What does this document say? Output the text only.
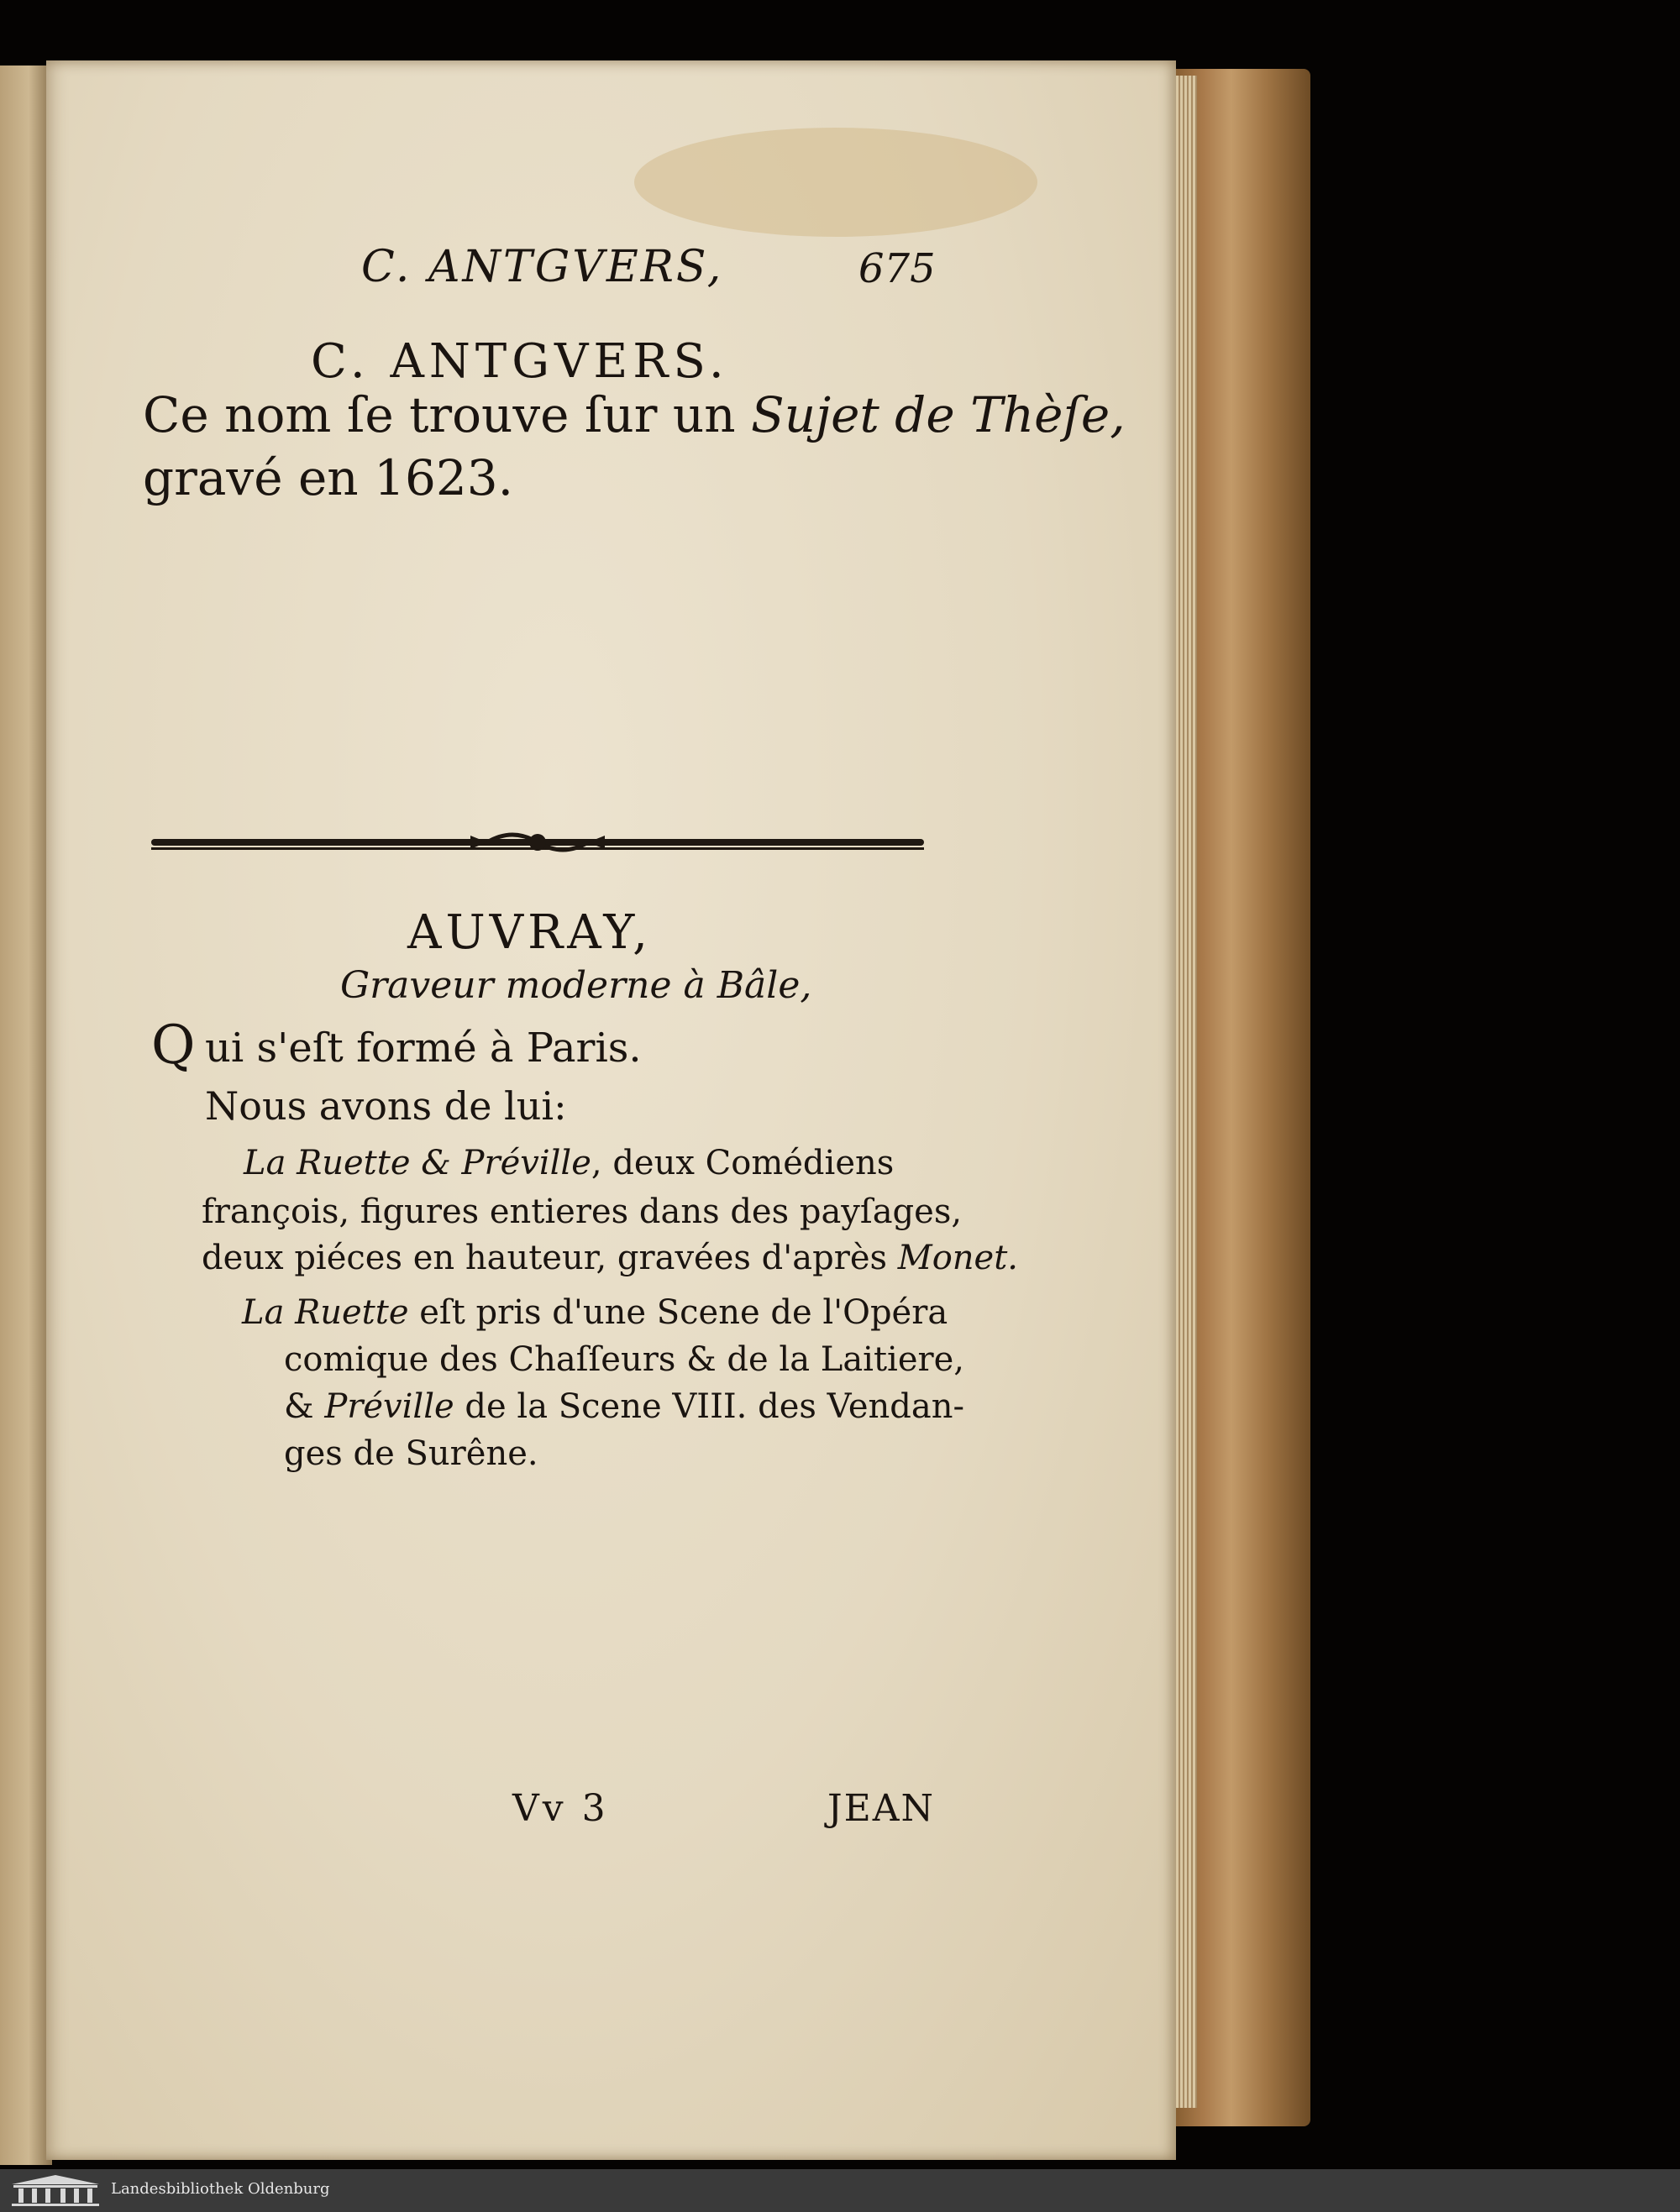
C. ANTGVERS,	675
C. ANTGVERS.
Ce nom ſe trouve ſur un Sujet de Thèſe,
gravé en 1623.
AUVRAY,
Graveur moderne à Bâle,
Q ui s'eſt formé à Paris.
Nous avons de lui:
La Ruette & Préville, deux Comédiens
françois, figures entieres dans des payſages,
deux piéces en hauteur, gravées d'après Monet.
La Ruette eſt pris d'une Scene de l'Opéra
comique des Chaſſeurs & de la Laitiere,
& Préville de la Scene VIII. des Vendan-
ges de Surêne.
Vv 3	JEAN
Landesbibliothek Oldenburg
